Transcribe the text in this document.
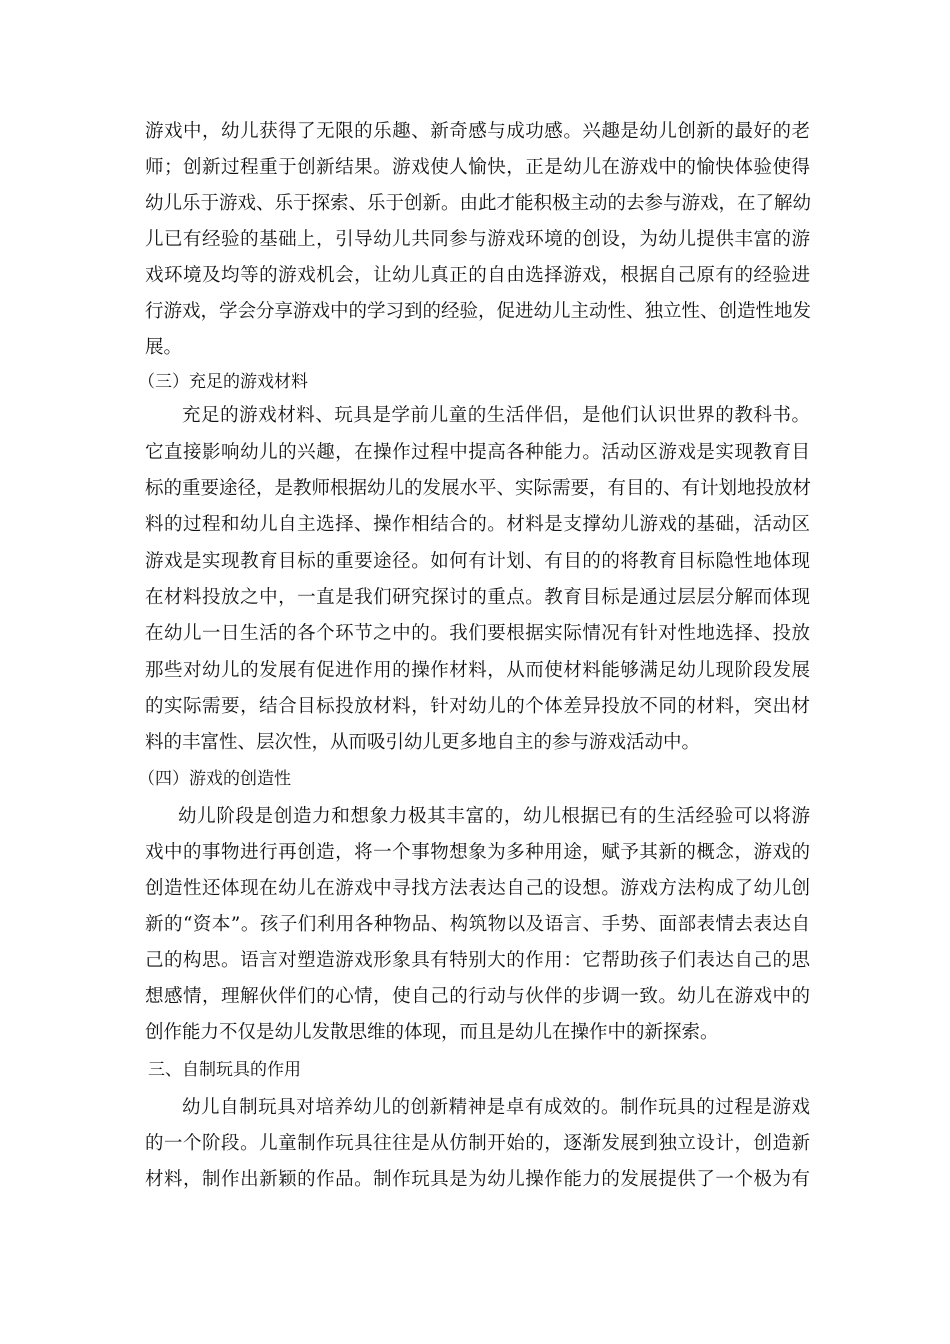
游戏中，幼儿获得了无限的乐趣、新奇感与成功感。兴趣是幼儿创新的最好的老
师；创新过程重于创新结果。游戏使人愉快，正是幼儿在游戏中的愉快体验使得
幼儿乐于游戏、乐于探索、乐于创新。由此才能积极主动的去参与游戏，在了解幼
儿已有经验的基础上，引导幼儿共同参与游戏环境的创设，为幼儿提供丰富的游
戏环境及均等的游戏机会，让幼儿真正的自由选择游戏，根据自己原有的经验进
行游戏，学会分享游戏中的学习到的经验，促进幼儿主动性、独立性、创造性地发
展。
（三）充足的游戏材料
充足的游戏材料、玩具是学前儿童的生活伴侣，是他们认识世界的教科书。
它直接影响幼儿的兴趣，在操作过程中提高各种能力。活动区游戏是实现教育目
标的重要途径，是教师根据幼儿的发展水平、实际需要，有目的、有计划地投放材
料的过程和幼儿自主选择、操作相结合的。材料是支撑幼儿游戏的基础，活动区
游戏是实现教育目标的重要途径。如何有计划、有目的的将教育目标隐性地体现
在材料投放之中，一直是我们研究探讨的重点。教育目标是通过层层分解而体现
在幼儿一日生活的各个环节之中的。我们要根据实际情况有针对性地选择、投放
那些对幼儿的发展有促进作用的操作材料，从而使材料能够满足幼儿现阶段发展
的实际需要，结合目标投放材料，针对幼儿的个体差异投放不同的材料，突出材
料的丰富性、层次性，从而吸引幼儿更多地自主的参与游戏活动中。
（四）游戏的创造性
幼儿阶段是创造力和想象力极其丰富的，幼儿根据已有的生活经验可以将游
戏中的事物进行再创造，将一个事物想象为多种用途，赋予其新的概念，游戏的
创造性还体现在幼儿在游戏中寻找方法表达自己的设想。游戏方法构成了幼儿创
新的“资本”。孩子们利用各种物品、构筑物以及语言、手势、面部表情去表达自
己的构思。语言对塑造游戏形象具有特别大的作用：它帮助孩子们表达自己的思
想感情，理解伙伴们的心情，使自己的行动与伙伴的步调一致。幼儿在游戏中的
创作能力不仅是幼儿发散思维的体现，而且是幼儿在操作中的新探索。
三、自制玩具的作用
幼儿自制玩具对培养幼儿的创新精神是卓有成效的。制作玩具的过程是游戏
的一个阶段。儿童制作玩具往往是从仿制开始的，逐渐发展到独立设计，创造新
材料，制作出新颖的作品。制作玩具是为幼儿操作能力的发展提供了一个极为有
